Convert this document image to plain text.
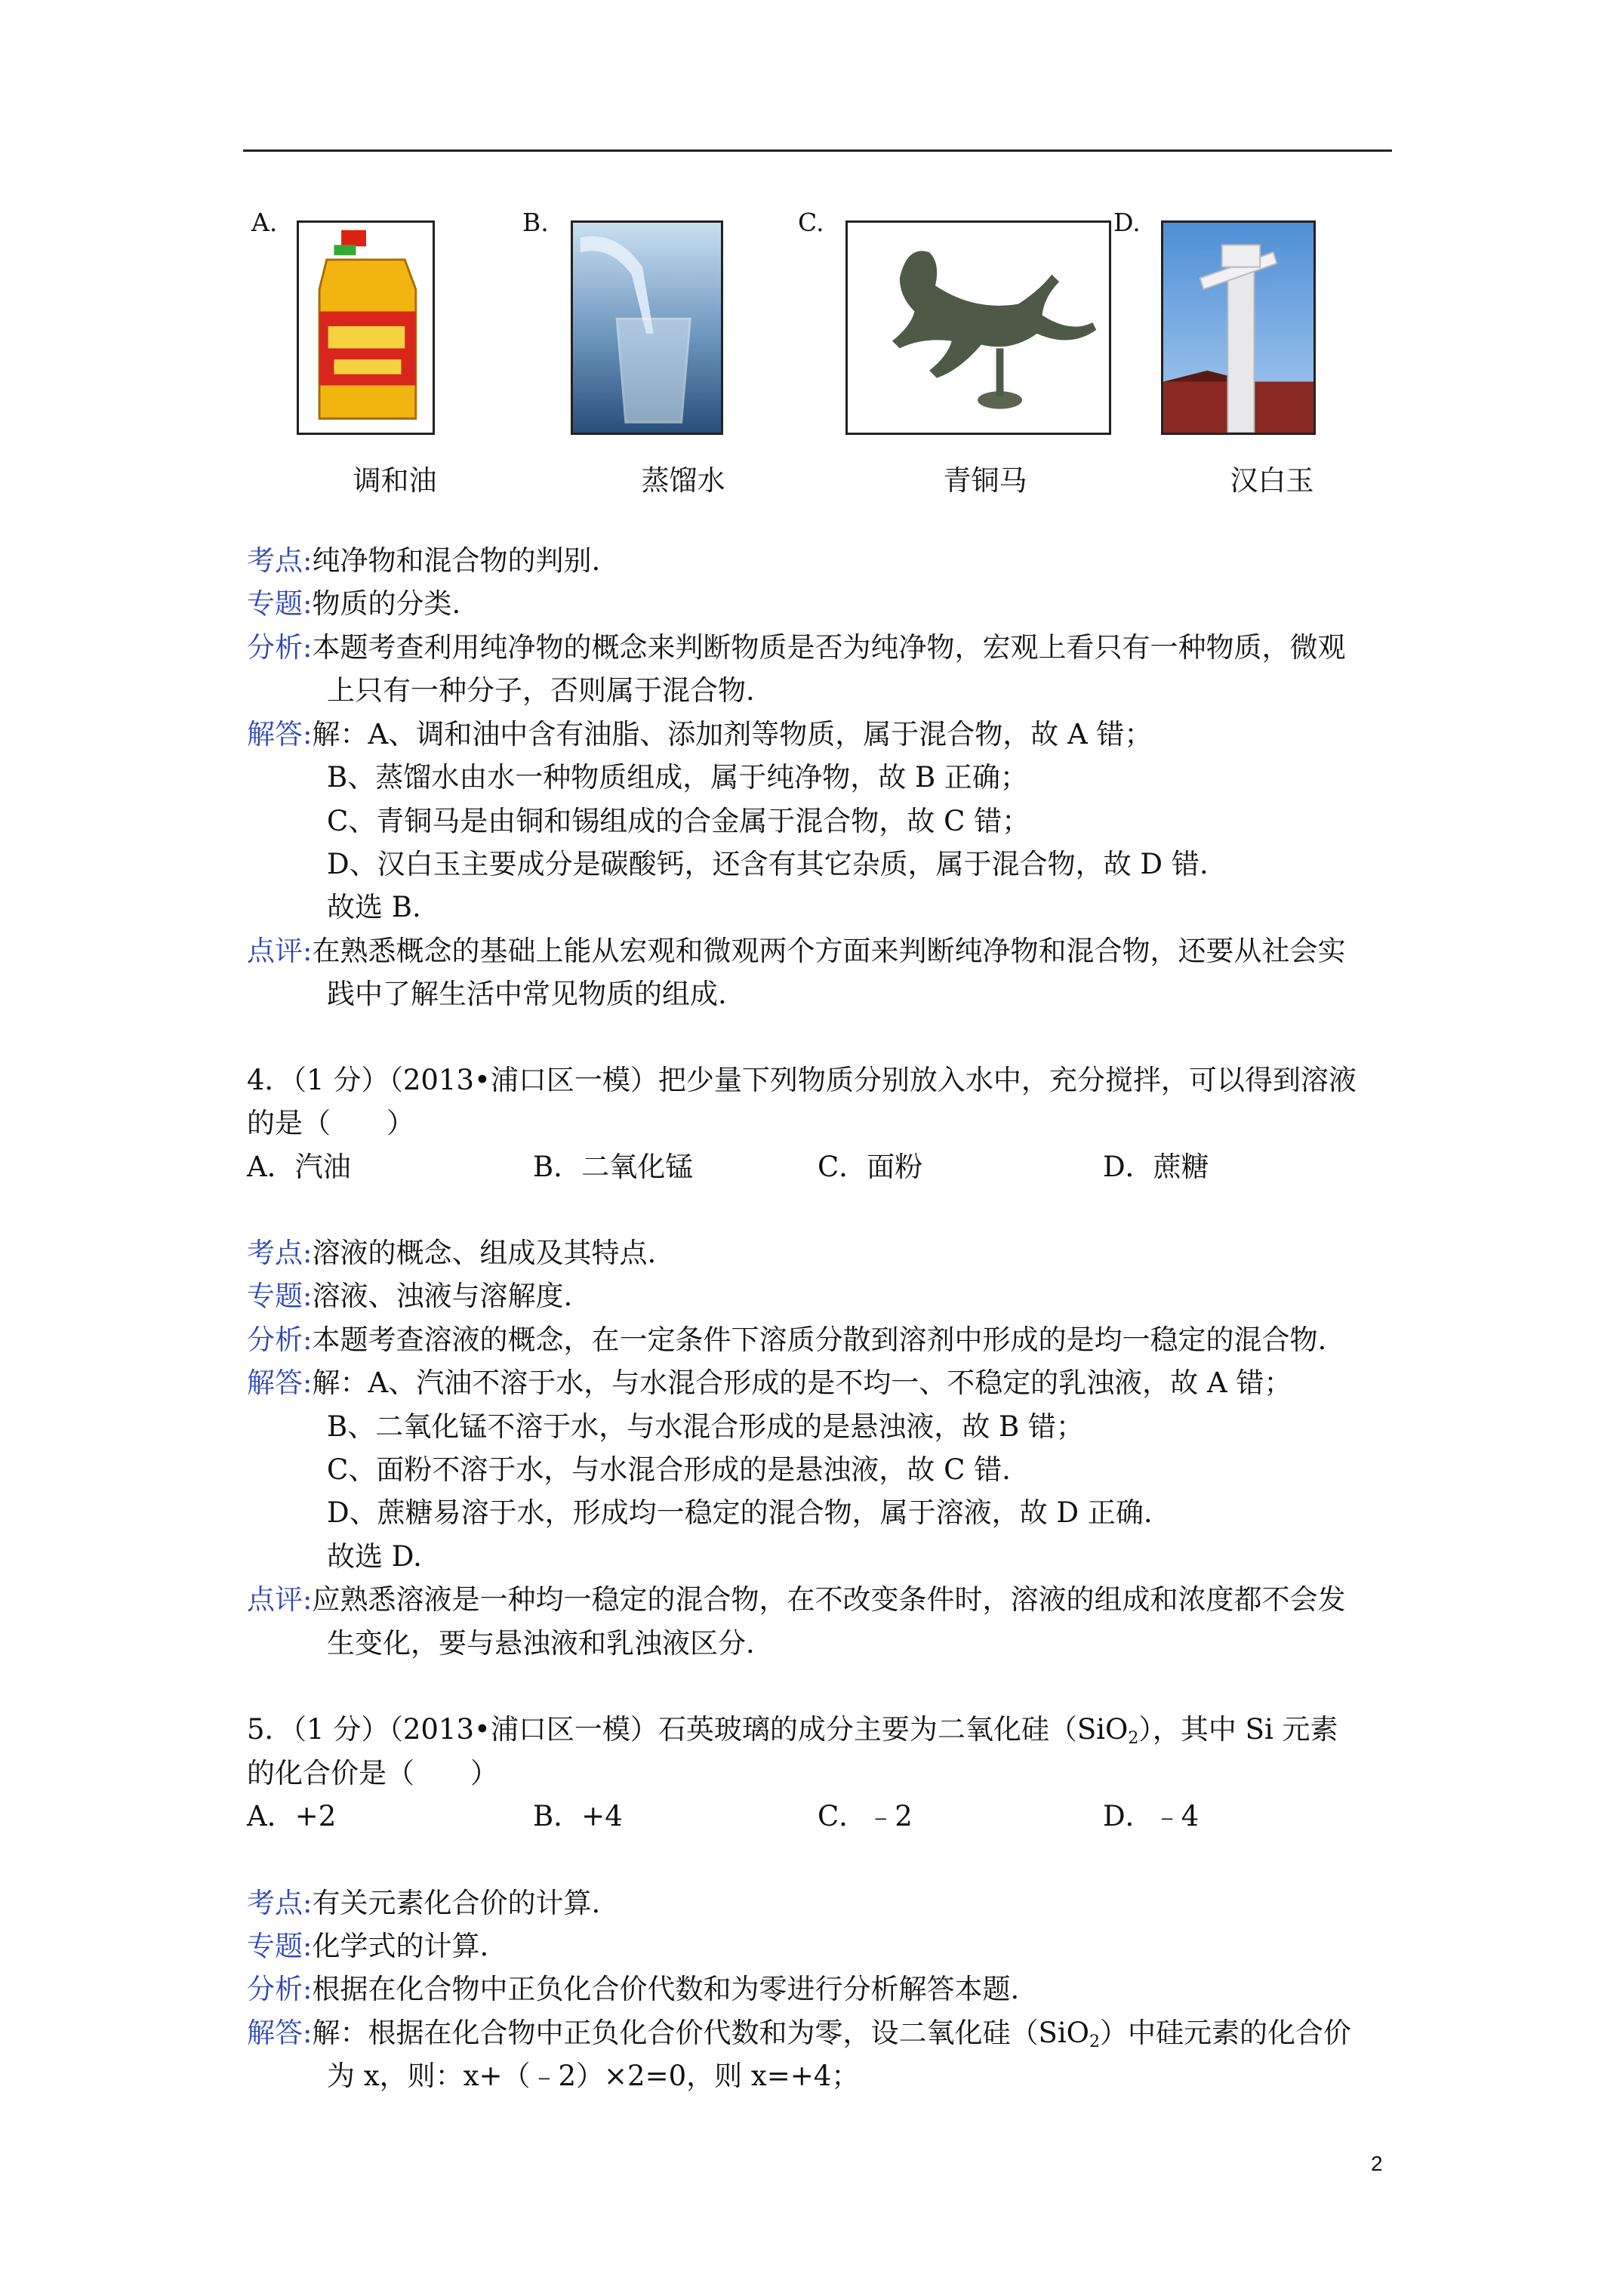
A.	B.	C.	D.
调和油	蒸馏水	青铜马	汉白玉
考点:纯净物和混合物的判别.
专题:物质的分类.
分析:本题考查利用纯净物的概念来判断物质是否为纯净物，宏观上看只有一种物质，微观
上只有一种分子，否则属于混合物.
解答:解：A、调和油中含有油脂、添加剂等物质，属于混合物，故 A 错；
B、蒸馏水由水一种物质组成，属于纯净物，故 B 正确；
C、青铜马是由铜和锡组成的合金属于混合物，故 C 错；
D、汉白玉主要成分是碳酸钙，还含有其它杂质，属于混合物，故 D 错.
故选 B.
点评:在熟悉概念的基础上能从宏观和微观两个方面来判断纯净物和混合物，还要从社会实
践中了解生活中常见物质的组成.
4．（1 分）（2013•浦口区一模）把少量下列物质分别放入水中，充分搅拌，可以得到溶液
的是（　　）
A．汽油	B．二氧化锰	C．面粉	D．蔗糖
考点:溶液的概念、组成及其特点.
专题:溶液、浊液与溶解度.
分析:本题考查溶液的概念，在一定条件下溶质分散到溶剂中形成的是均一稳定的混合物.
解答:解：A、汽油不溶于水，与水混合形成的是不均一、不稳定的乳浊液，故 A 错；
B、二氧化锰不溶于水，与水混合形成的是悬浊液，故 B 错；
C、面粉不溶于水，与水混合形成的是悬浊液，故 C 错.
D、蔗糖易溶于水，形成均一稳定的混合物，属于溶液，故 D 正确.
故选 D.
点评:应熟悉溶液是一种均一稳定的混合物，在不改变条件时，溶液的组成和浓度都不会发
生变化，要与悬浊液和乳浊液区分.
5．（1 分）（2013•浦口区一模）石英玻璃的成分主要为二氧化硅（SiO$_2$），其中 Si 元素
的化合价是（　　）
A．+2	B．+4	C．﹣2	D．﹣4
考点:有关元素化合价的计算.
专题:化学式的计算.
分析:根据在化合物中正负化合价代数和为零进行分析解答本题.
解答:解：根据在化合物中正负化合价代数和为零，设二氧化硅（SiO$_2$）中硅元素的化合价
为 x，则：x+（﹣2）×2=0，则 x=+4；
2
